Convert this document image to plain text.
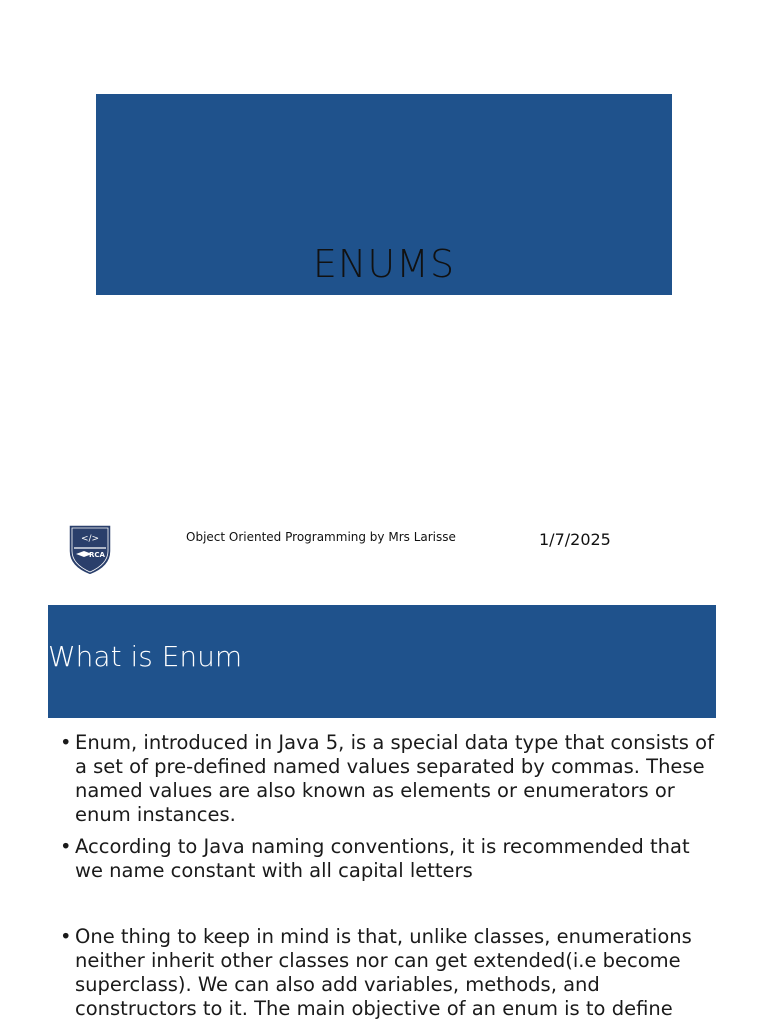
ENUMS
</>
RCA
Object Oriented Programming by Mrs Larisse	1/7/2025
What is Enum
• Enum, introduced in Java 5, is a special data type that consists of a set of pre-defined named values separated by commas. These named values are also known as elements or enumerators or enum instances.
• According to Java naming conventions, it is recommended that we name constant with all capital letters
• One thing to keep in mind is that, unlike classes, enumerations neither inherit other classes nor can get extended(i.e become superclass). We can also add variables, methods, and constructors to it. The main objective of an enum is to define
